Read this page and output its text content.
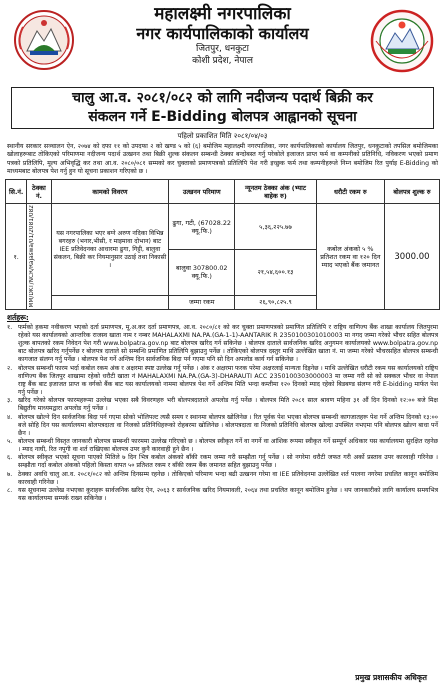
महालक्ष्मी नगरपालिका
नगर कार्यपालिकाको कार्यालय
जितपुर, धनकुटा
कोशी प्रदेश, नेपाल
चालु आ.व. २०८१/०८२ को लागि नदीजन्य पदार्थ बिक्री कर
संकलन गर्ने E-Bidding बोलपत्र आह्वानको सूचना
पहिलो प्रकाशित मिति २०८१/०४/०३

स्थानीय सरकार सञ्चालन ऐन, २०७४ को दफा ११ को उपदफा २ को खण्ड ५ को (६) बमोजिम महालक्ष्मी नगरपालिका, नगर कार्यपालिकाको कार्यालय जितपुर, धनकुटाको तपसिल बमोजिमका खोलाहरूबाट तोकिएको परिमाणमा नदीजन्य पदार्थ उत्खनन तथा बिक्री शुल्क संकलन सम्बन्धी ठेक्का बन्दोबस्त गर्नु परेकोले इजाजत प्राप्त फर्म वा कम्पनीको प्रतिनिधि, नविकरण भएको प्रमाण पत्रको प्रतिलिपि, मूल्य अभिवृद्धि कर तथा आ.व. २०८०/०८१ सम्मको कर चुक्ताको प्रमाणपत्रको प्रतिलिपि पेश गरी इच्छुक फर्म तथा कम्पनीहरूले निम्न बमोजिम रित पुर्याइ E-Bidding को माध्यमबाट बोलपत्र पेश गर्नु हुन यो सूचना प्रकाशन गरिएको छ ।

सि.नं.	ठेक्का नं.	कामको विवरण	उत्खनन परिमाण	न्यूनतम ठेक्का अंक (भ्याट बाहेक रु)	धरौटी रकम रु	बोलपत्र शुल्क रु
१.	MM/DKT/NCR/Rajaswa/01/2081/082	यस नगरपालिका भएर बग्ने अरुण नदिका विभिन्न बगरहरु (भनार,भीसी, र माइमावा दोभान) बाट IEE प्रतिवेदनका आधारमा ढुगा, गिट्टी, बालुवा संकलन, बिक्री कर नियमानुसार उठाई तथा निकासी ।	ढुगा, गटी, (67028.22 क्यू.फि.)	५,३६,२२५.७७	कबोल अंकको ५ % प्रतिशत रकम वा १२० दिन म्याद भएको बैंक जमानत	3000.00
			बालुवा 307800.02 क्यू.फि.)	२१,५४,६००.१३		
			जम्मा रकम	२६,९०,८२५.९		
शर्तहरू:
१. फर्मको हकमा नवीकरण भएको दर्ता प्रमाणपत्र, मू.अ.कर दर्ता प्रमाणपत्र, आ.व. २०८०/८१ को कर चुक्ता प्रमाणपत्रको प्रमाणित प्रतिलिपि र राष्ट्रिय वाणिज्य बैंक शाखा कार्यालय जितपुरमा रहेको यस कार्यालयको आन्तरिक राजस्व खाता नाम र नम्बर MAHALAXMI NA.PA.(GA-1-1)-AANTARIK R 2350100301010003 मा नगद जम्मा गरेको भौचर सहित बोलपत्र शुल्क बापतको रकम निवेदन पेश गरी www.bolpatra.gov.np बाट बोलपत्र खरिद गर्न सकिनेछ । बोलपत्र दाताले सार्वजनिक खरिद अनुगमन कार्यालयको www.bolpatra.gov.np बाट बोलपत्र खरिद गर्नुपर्नेछ र बोलपत्र दाताले सो सम्बन्धि प्रमाणित प्रतिलिपि बुझाउनु पर्नेछ । तोकिएको बोलपत्र दस्तुर माथि उल्लेखित खाता नं. मा जम्मा गरेको भौचरसहित बोलपत्र सम्बन्धी कागजात संलग्न गर्नु पर्नेछ । बोलपत्र पेश गर्ने अन्तिम दिन सार्वजनिक बिदा पर्न गएमा पनि सो दिन अपलोड कार्य गर्न सकिनेछ ।
२. बोलपत्र सम्बन्धी फारम भर्दा कबोल रकम अंक र अक्षरमा स्पष्ट उल्लेख गर्नु पर्नेछ । अंक र अक्षरमा फरक परेमा अक्षरलाई मान्यता दिइनेछ । माथि उल्लेखित धरौटी रकम यस कार्यालयको राष्ट्रिय वाणिज्य बैंक जितपुर शाखामा रहेको धरौटी खाता नं MAHALAXMI NA.PA.(GA-3)-DHARAUTI ACC 2350100303000003 मा जम्मा गरी सो को सक्कल भौचर वा नेपाल राष्ट्र बैंक बाट इजाजत प्राप्त क वर्गको बैंक बाट यस कार्यालयको नाममा बोलपत्र पेश गर्ने अन्तिम मिति भन्दा कम्तीमा १२० दिनको म्याद रहेको बिडबण्ड संलग्न गरी E-bidding मार्फत पेश गर्नु पर्नेछ ।
३. खरिद गरेको बोलपत्र फारमहरूमा उल्लेख भएका सबै विवरणहरु भरी बोलपत्रदाताले अपलोड गर्नु पर्नेछ । बोलपत्र मिति २०८१ साल श्रावण महिना ३१ औं दिन दिनको १२:०० बजे मिक्ष बिद्युतीय माध्यमद्वारा अपलोड गर्नु पर्नेछ ।
४. बोलपत्र खोल्ने दिन सार्वजनिक बिदा पर्न गएमा सोको भोलिपल्ट त्यसै समय र स्थानमा बोलपत्र खोलिनेछ । रित पूर्वक पेश भएका बोलपत्र सम्बन्धी कागजातहरू पेश गर्ने अन्तिम दिनको १३:०० बजे सोहि दिन यस कार्यालयमा बोलपत्रदाता वा निजको प्रतिनिधिहरूको रोहबरमा खोलिनेछ । बोलपत्रदाता वा निजको प्रतिनिधि बोलपत्र खोल्दा उपस्थित नभएमा पनि बोलपत्र खोल्न बाधा पर्ने छैन ।
५. बोलपत्र सम्बन्धी विस्तृत जानकारी बोलपत्र सम्बन्धी फारममा उल्लेख गरिएको छ । बोलपत्र स्वीकृत गर्ने वा नगर्ने वा आंशिक रूपमा स्वीकृत गर्ने सम्पूर्ण अधिकार यस कार्यालयमा सुरक्षित रहनेछ । म्याद नाघी, रित नपुगी वा शर्त राखिएका बोलपत्र उपर कुनै कारवाही हुने छैन ।
६. बोलपत्र स्वीकृत भएको सूचना पाएको मितिले ७ दिन भित्र कबोल अंकको बाँकी रकम जम्मा गरी सम्झौता गर्नु पर्नेछ । सो नगरेमा धरौटी जफत गरी अर्को प्रस्ताव उपर कारवाही गरिनेछ । सम्झौता गर्दा कबोल अंकको पहिलो किस्ता वापत ५० प्रतिशत रकम र बाँकी रकम बैंक जमानत सहित बुझाउनु पर्नेछ ।
७. ठेक्का अवधि चालु आ.व. २०८१/०८२ को अन्तिम दिनसम्म रहनेछ । तोकिएको परिमाण भन्दा बढी उत्खनन गरेमा वा IEE प्रतिवेदनमा उल्लेखित शर्त पालना नगरेमा प्रचलित कानून बमोजिम कारवाही गरिनेछ ।
८. यस सूचनामा उल्लेख नभएका कुराहरू सार्वजनिक खरिद ऐन, २०६३ र सार्वजनिक खरिद नियमावली, २०६४ तथा प्रचलित कानून बमोजिम हुनेछ । थप जानकारीको लागि कार्यालय समयभित्र यस कार्यालयमा सम्पर्क राख्न सकिनेछ ।
प्रमुख प्रशासकीय अधिकृत
